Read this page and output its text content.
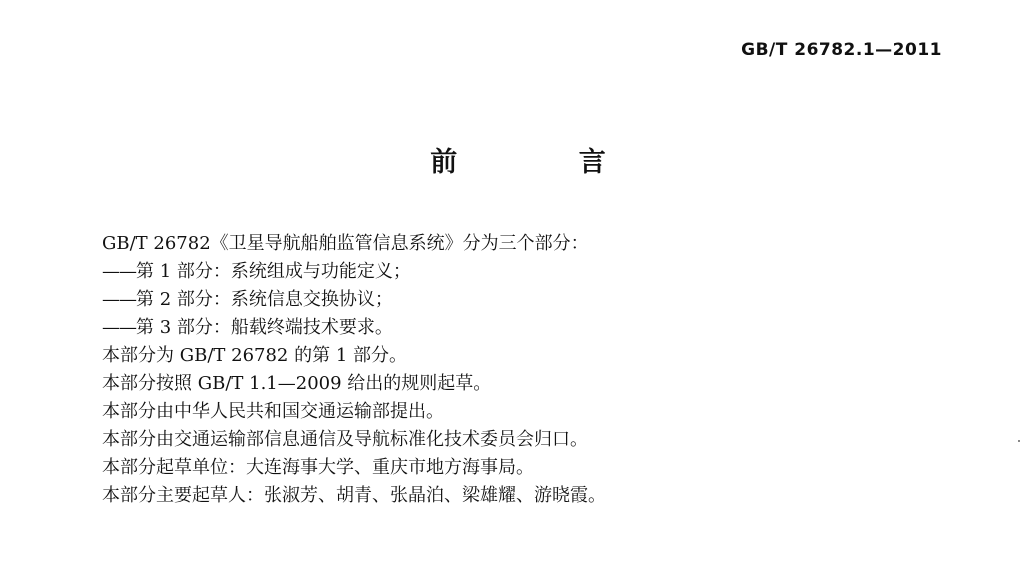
GB/T 26782.1—2011
前 言
GB/T 26782《卫星导航船舶监管信息系统》分为三个部分：
—— 第 1 部分：系统组成与功能定义；
—— 第 2 部分：系统信息交换协议；
—— 第 3 部分：船载终端技术要求。
本部分为 GB/T 26782 的第 1 部分。
本部分按照 GB/T 1.1—2009 给出的规则起草。
本部分由中华人民共和国交通运输部提出。
本部分由交通运输部信息通信及导航标准化技术委员会归口。
本部分起草单位：大连海事大学、重庆市地方海事局。
本部分主要起草人：张淑芳、胡青、张晶泊、梁雄耀、游晓霞。
